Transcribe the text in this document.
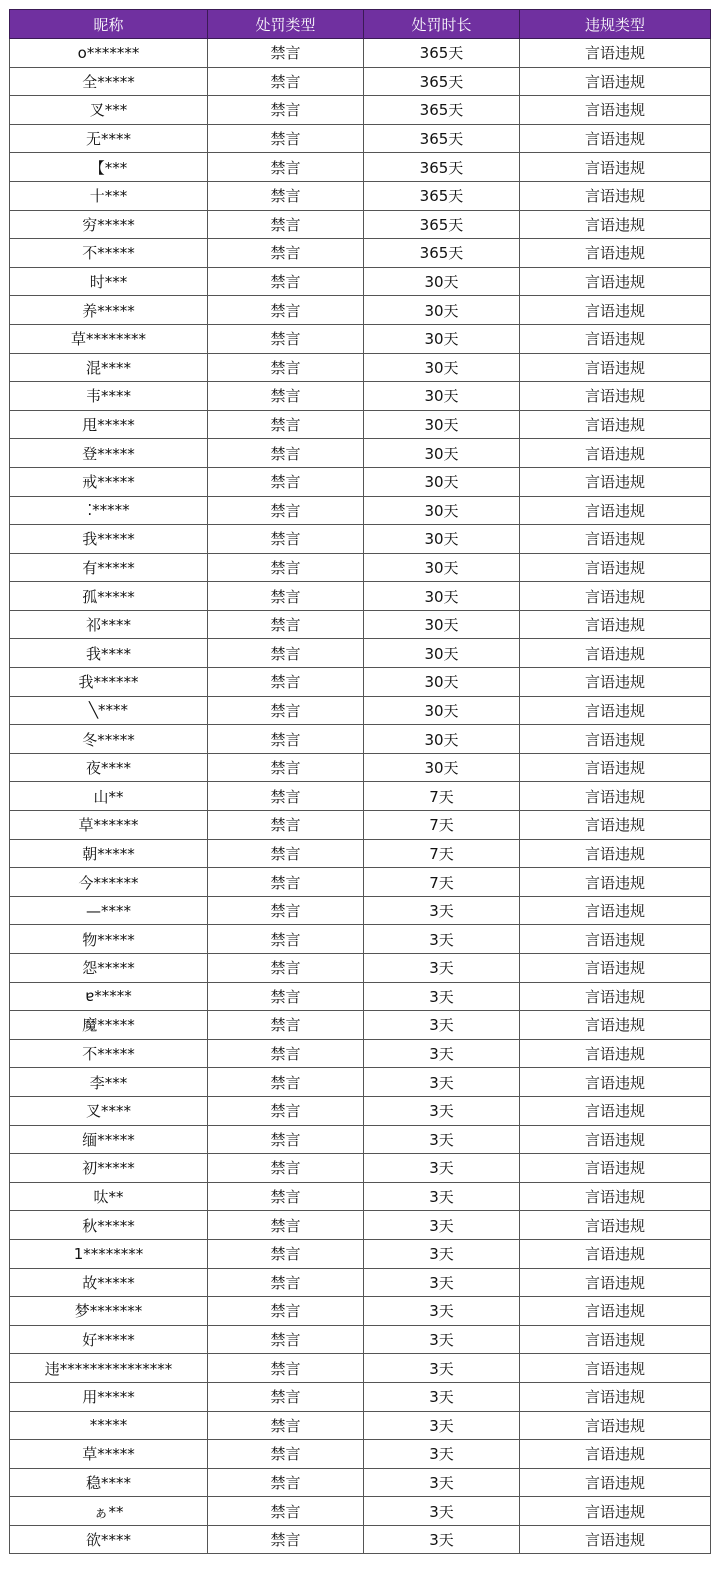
昵称	处罚类型	处罚时长	违规类型
o*******	禁言	365天	言语违规
全*****	禁言	365天	言语违规
叉***	禁言	365天	言语违规
无****	禁言	365天	言语违规
【***	禁言	365天	言语违规
十***	禁言	365天	言语违规
穷*****	禁言	365天	言语违规
不*****	禁言	365天	言语违规
时***	禁言	30天	言语违规
养*****	禁言	30天	言语违规
草********	禁言	30天	言语违规
混****	禁言	30天	言语违规
韦****	禁言	30天	言语违规
甩*****	禁言	30天	言语违规
登*****	禁言	30天	言语违规
戒*****	禁言	30天	言语违规
⁚*****	禁言	30天	言语违规
我*****	禁言	30天	言语违规
有*****	禁言	30天	言语违规
孤*****	禁言	30天	言语违规
祁****	禁言	30天	言语违规
我****	禁言	30天	言语违规
我******	禁言	30天	言语违规
╲****	禁言	30天	言语违规
冬*****	禁言	30天	言语违规
夜****	禁言	30天	言语违规
山**	禁言	7天	言语违规
草******	禁言	7天	言语违规
朝*****	禁言	7天	言语违规
今******	禁言	7天	言语违规
—****	禁言	3天	言语违规
物*****	禁言	3天	言语违规
怨*****	禁言	3天	言语违规
ɐ*****	禁言	3天	言语违规
魔*****	禁言	3天	言语违规
不*****	禁言	3天	言语违规
李***	禁言	3天	言语违规
叉****	禁言	3天	言语违规
缅*****	禁言	3天	言语违规
初*****	禁言	3天	言语违规
呔**	禁言	3天	言语违规
秋*****	禁言	3天	言语违规
1********	禁言	3天	言语违规
故*****	禁言	3天	言语违规
梦*******	禁言	3天	言语违规
好*****	禁言	3天	言语违规
违***************	禁言	3天	言语违规
用*****	禁言	3天	言语违规
*****	禁言	3天	言语违规
草*****	禁言	3天	言语违规
稳****	禁言	3天	言语违规
ぁ**	禁言	3天	言语违规
欲****	禁言	3天	言语违规
